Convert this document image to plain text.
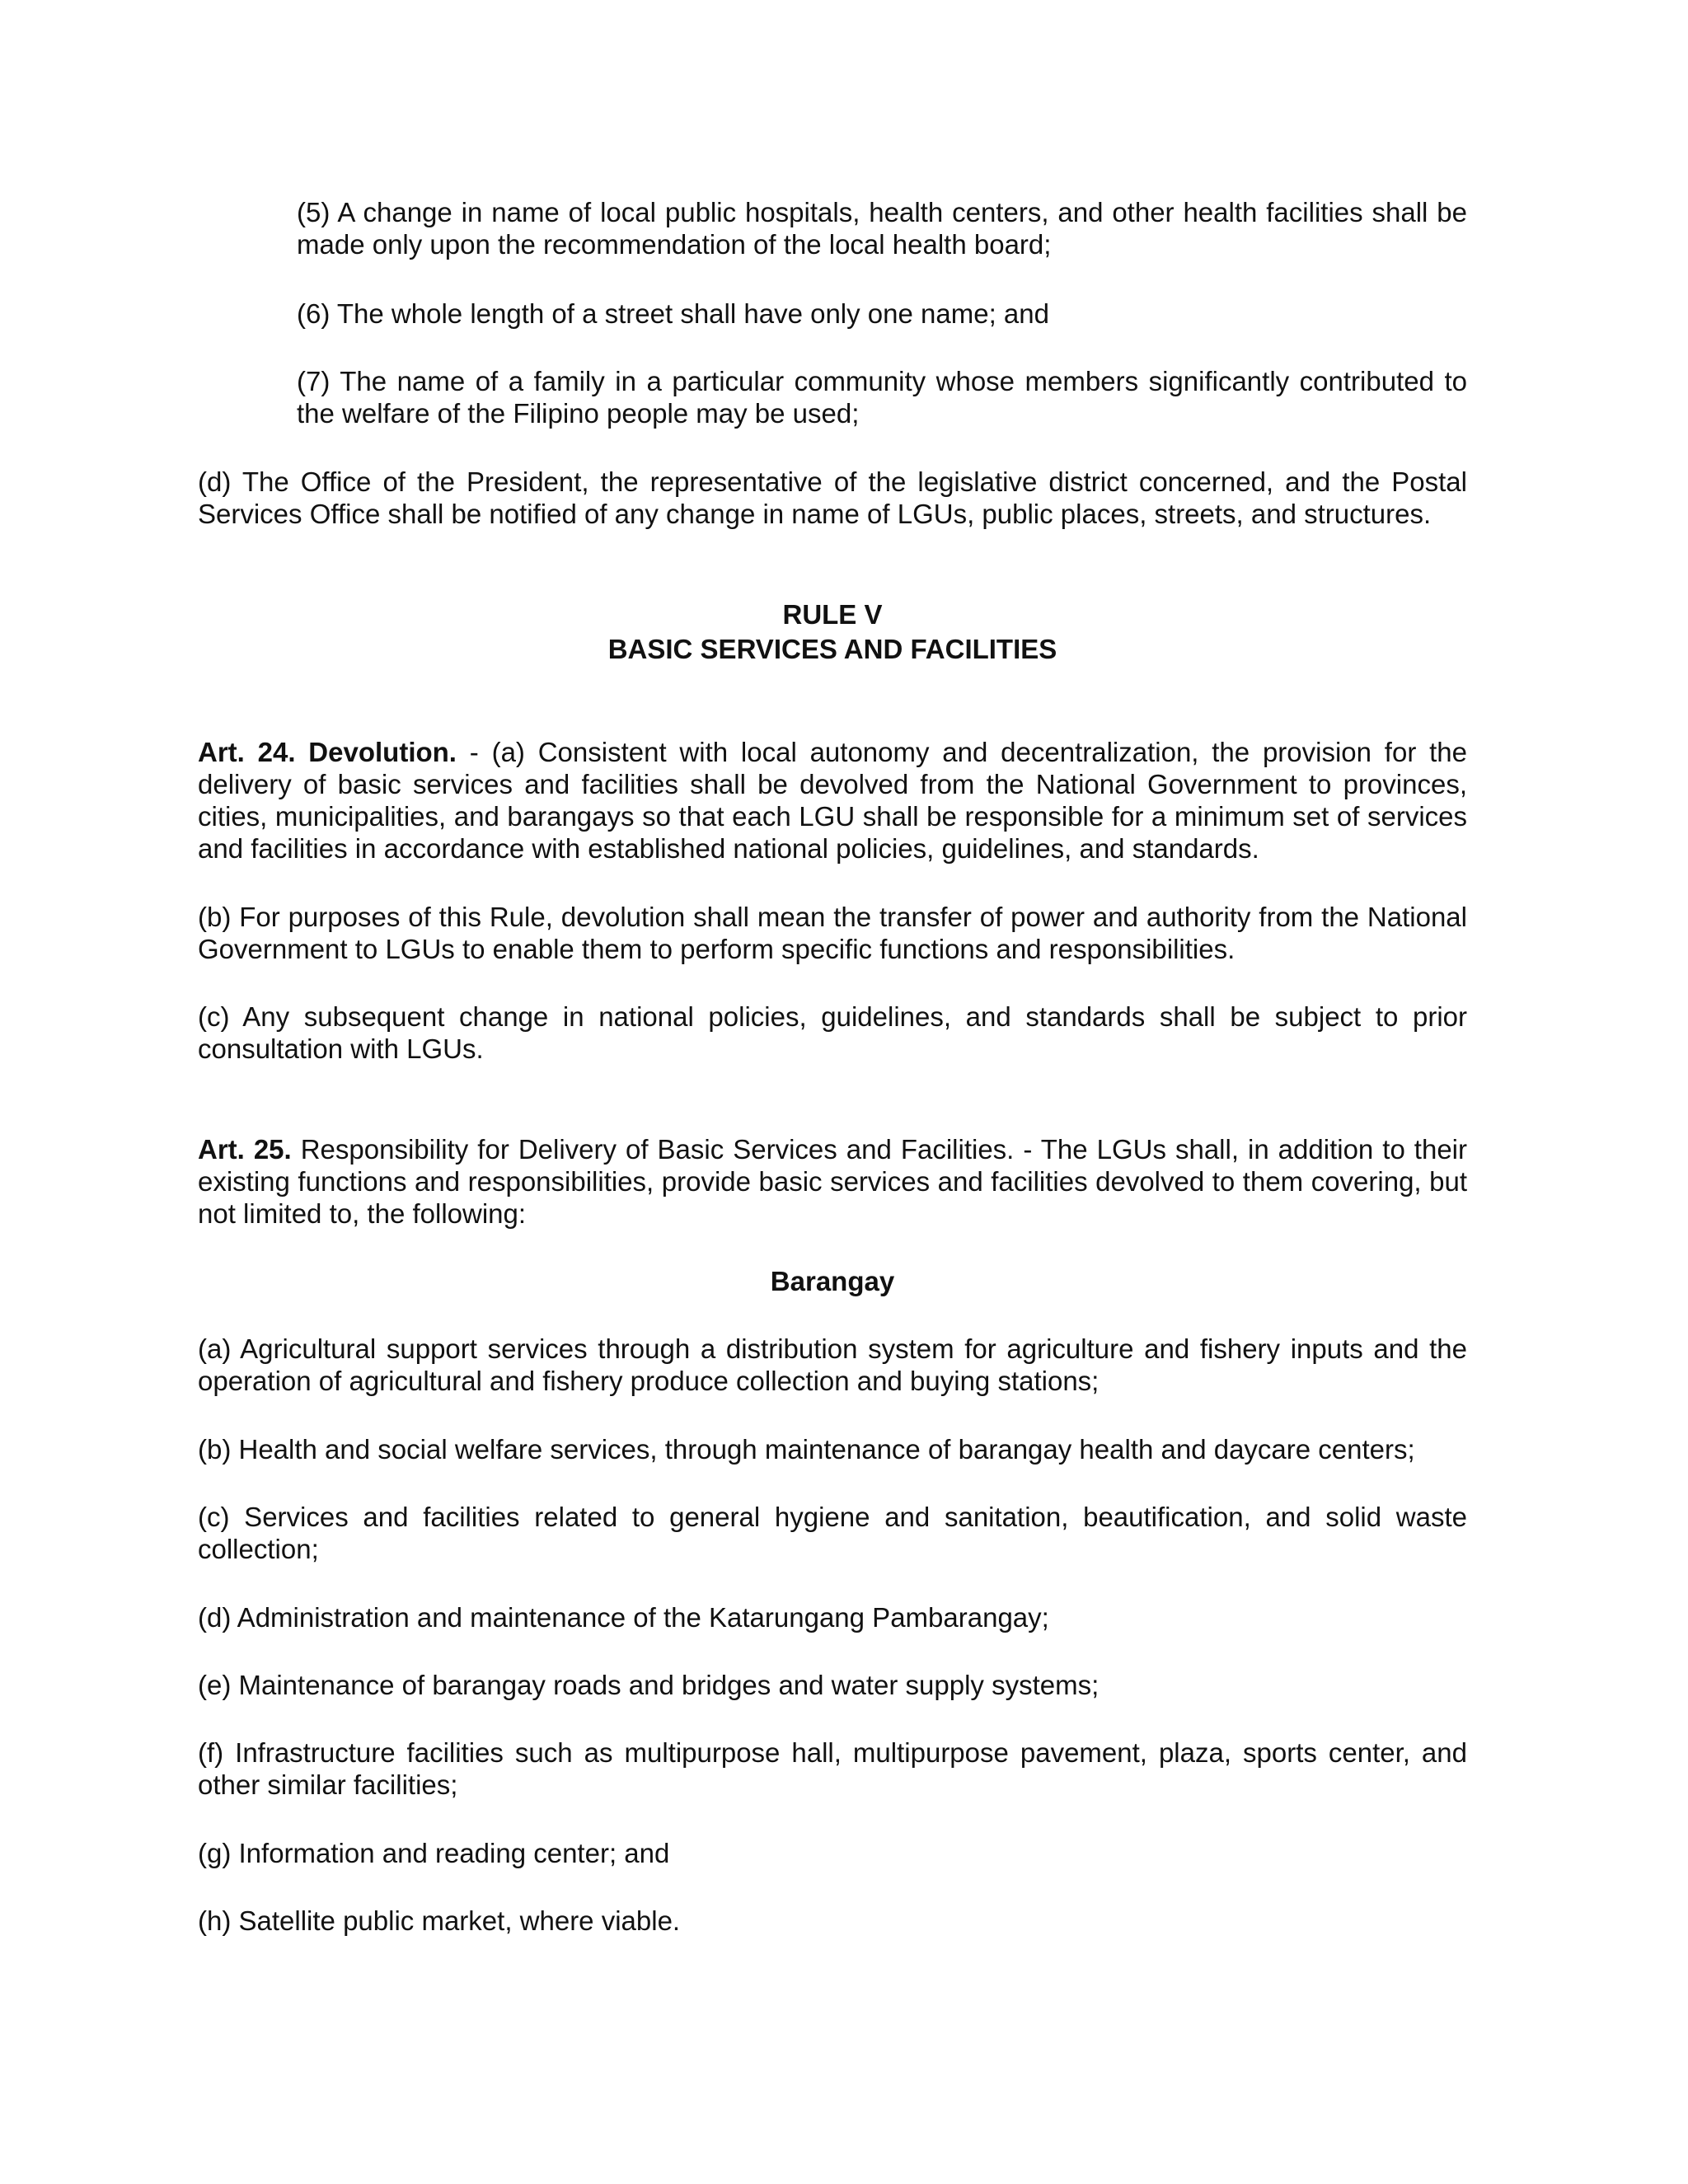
(5) A change in name of local public hospitals, health centers, and other health facilities shall be made only upon the recommendation of the local health board;

(6) The whole length of a street shall have only one name; and

(7) The name of a family in a particular community whose members significantly contributed to the welfare of the Filipino people may be used;

(d) The Office of the President, the representative of the legislative district concerned, and the Postal Services Office shall be notified of any change in name of LGUs, public places, streets, and structures.

RULE V

BASIC SERVICES AND FACILITIES

Art. 24. Devolution. - (a) Consistent with local autonomy and decentralization, the provision for the delivery of basic services and facilities shall be devolved from the National Government to provinces, cities, municipalities, and barangays so that each LGU shall be responsible for a minimum set of services and facilities in accordance with established national policies, guidelines, and standards.

(b) For purposes of this Rule, devolution shall mean the transfer of power and authority from the National Government to LGUs to enable them to perform specific functions and responsibilities.

(c) Any subsequent change in national policies, guidelines, and standards shall be subject to prior consultation with LGUs.

Art. 25. Responsibility for Delivery of Basic Services and Facilities. - The LGUs shall, in addition to their existing functions and responsibilities, provide basic services and facilities devolved to them covering, but not limited to, the following:

Barangay

(a) Agricultural support services through a distribution system for agriculture and fishery inputs and the operation of agricultural and fishery produce collection and buying stations;

(b) Health and social welfare services, through maintenance of barangay health and daycare centers;

(c) Services and facilities related to general hygiene and sanitation, beautification, and solid waste collection;

(d) Administration and maintenance of the Katarungang Pambarangay;

(e) Maintenance of barangay roads and bridges and water supply systems;

(f) Infrastructure facilities such as multipurpose hall, multipurpose pavement, plaza, sports center, and other similar facilities;

(g) Information and reading center; and

(h) Satellite public market, where viable.
